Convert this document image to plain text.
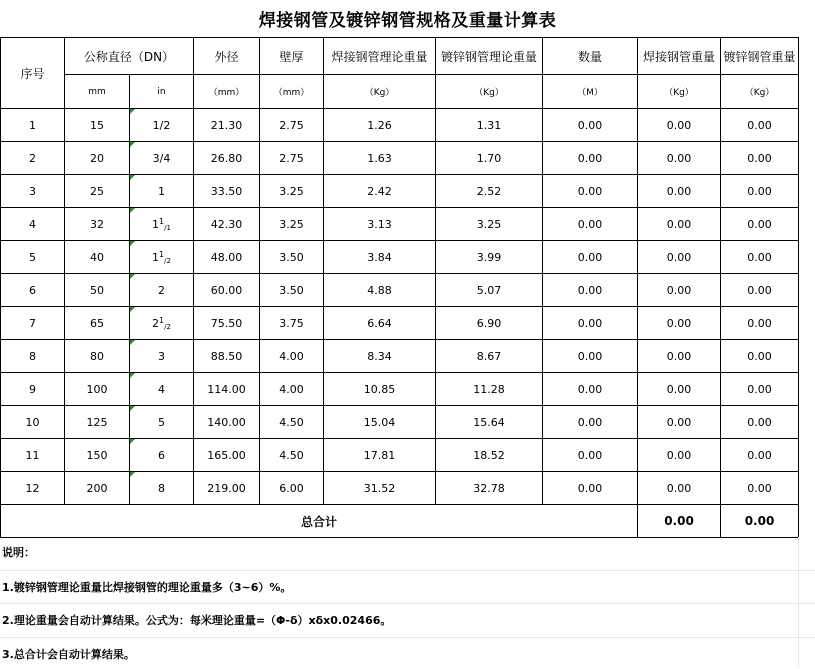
焊接钢管及镀锌钢管规格及重量计算表
序号	公称直径（DN）		外径	壁厚	焊接钢管理论重量	镀锌钢管理论重量	数量	焊接钢管重量	镀锌钢管重量
	mm	in	（mm）	（mm）	（Kg）	（Kg）	（M）	（Kg）	（Kg）
1	15	1/2	21.30	2.75	1.26	1.31	0.00	0.00	0.00
2	20	3/4	26.80	2.75	1.63	1.70	0.00	0.00	0.00
3	25	1	33.50	3.25	2.42	2.52	0.00	0.00	0.00
4	32	$1^1_{/1}$	42.30	3.25	3.13	3.25	0.00	0.00	0.00
5	40	$1^1_{/2}$	48.00	3.50	3.84	3.99	0.00	0.00	0.00
6	50	2	60.00	3.50	4.88	5.07	0.00	0.00	0.00
7	65	$2^1_{/2}$	75.50	3.75	6.64	6.90	0.00	0.00	0.00
8	80	3	88.50	4.00	8.34	8.67	0.00	0.00	0.00
9	100	4	114.00	4.00	10.85	11.28	0.00	0.00	0.00
10	125	5	140.00	4.50	15.04	15.64	0.00	0.00	0.00
11	150	6	165.00	4.50	17.81	18.52	0.00	0.00	0.00
12	200	8	219.00	6.00	31.52	32.78	0.00	0.00	0.00
总合计								0.00	0.00
说明：
1.镀锌钢管理论重量比焊接钢管的理论重量多（3~6）%。
2.理论重量会自动计算结果。公式为：每米理论重量=（Φ-δ）xδx0.02466。
3.总合计会自动计算结果。
